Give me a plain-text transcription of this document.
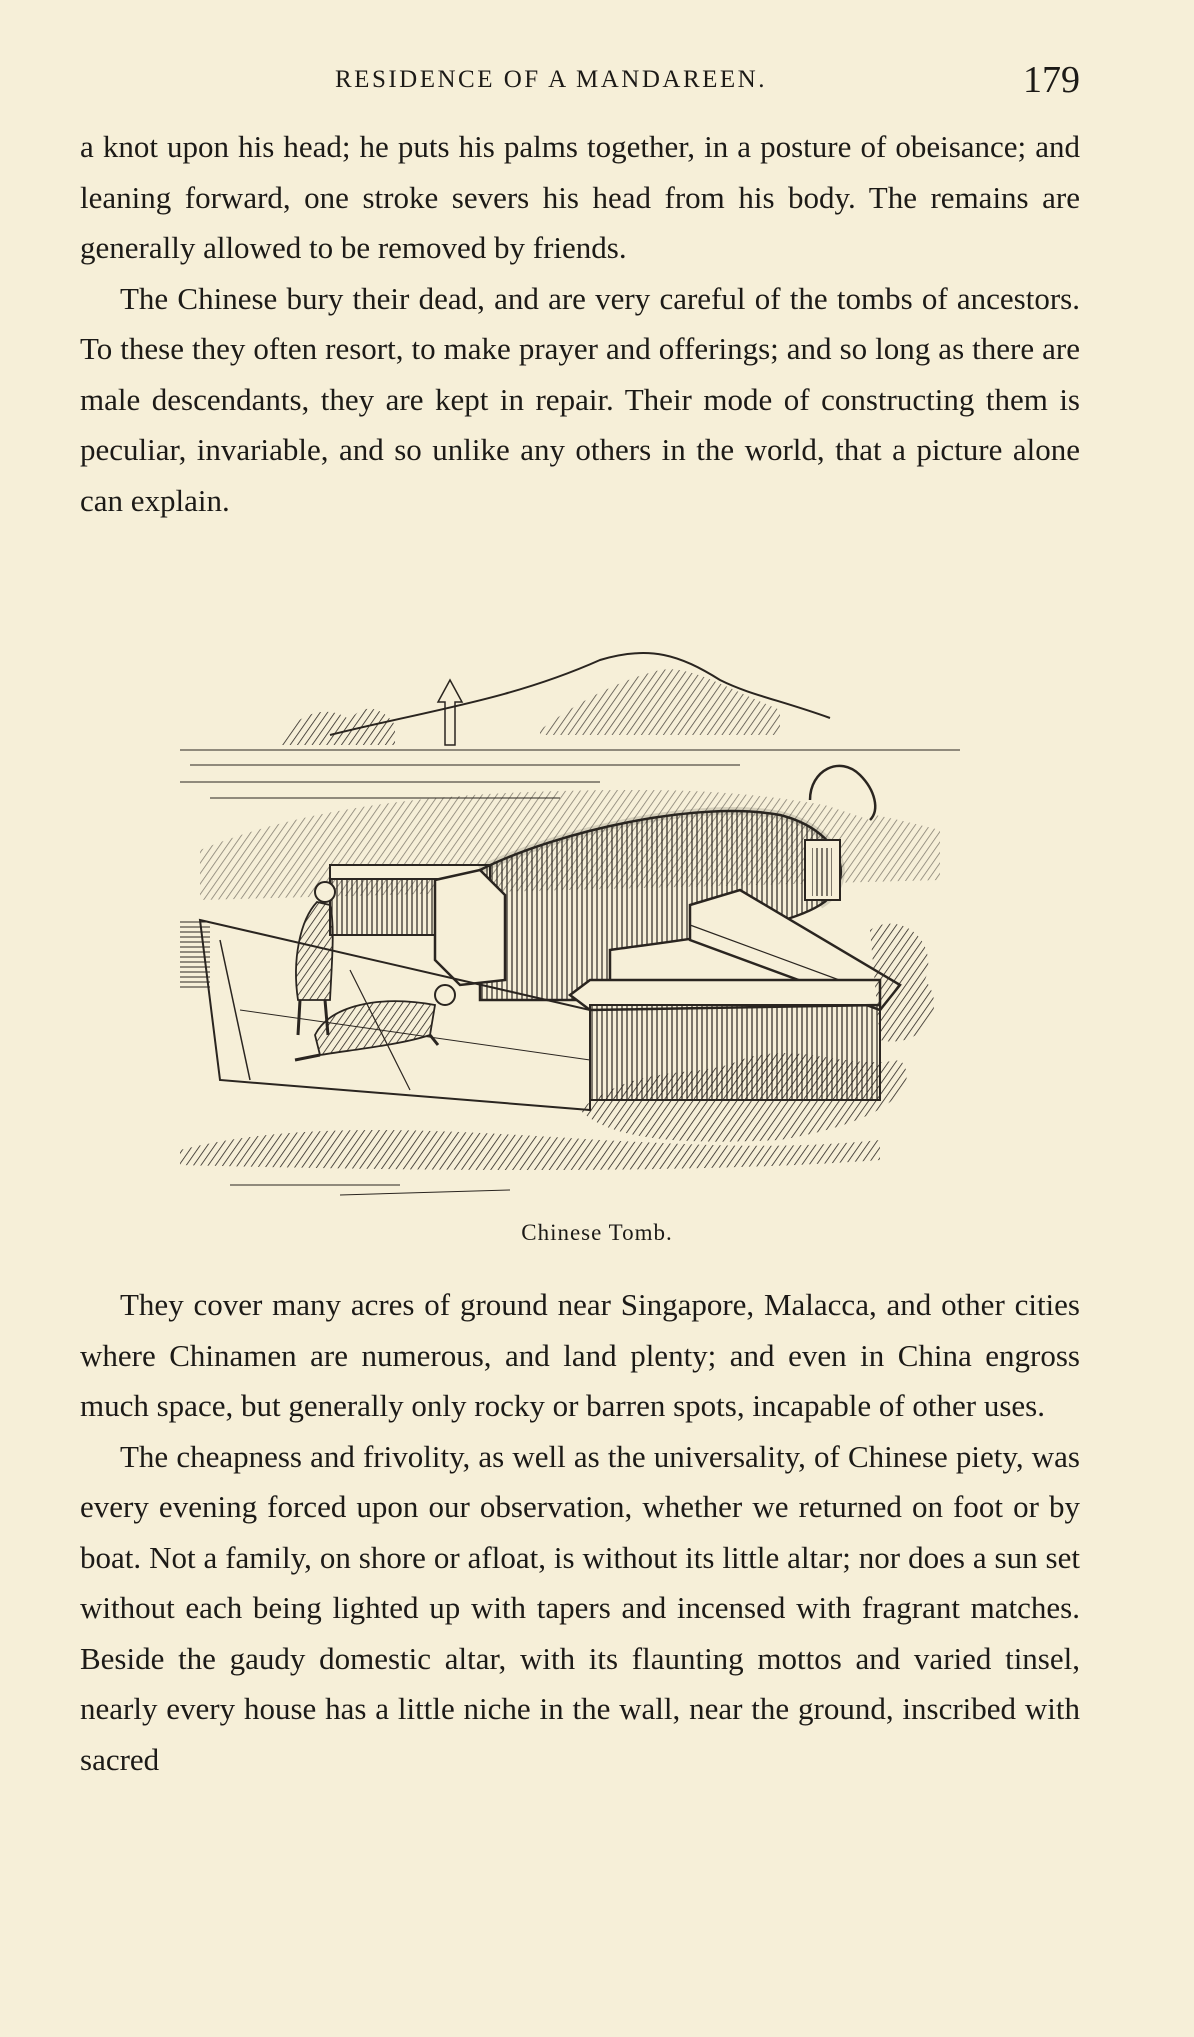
RESIDENCE OF A MANDAREEN.	179

a knot upon his head; he puts his palms together, in a posture of obeisance; and leaning forward, one stroke severs his head from his body. The remains are generally allowed to be removed by friends.

The Chinese bury their dead, and are very careful of the tombs of ancestors. To these they often resort, to make prayer and offerings; and so long as there are male descendants, they are kept in repair. Their mode of constructing them is peculiar, invariable, and so unlike any others in the world, that a picture alone can explain.

Chinese Tomb.

They cover many acres of ground near Singapore, Malacca, and other cities where Chinamen are numerous, and land plenty; and even in China engross much space, but generally only rocky or barren spots, incapable of other uses.

The cheapness and frivolity, as well as the universality, of Chinese piety, was every evening forced upon our observation, whether we returned on foot or by boat. Not a family, on shore or afloat, is without its little altar; nor does a sun set without each being lighted up with tapers and incensed with fragrant matches. Beside the gaudy domestic altar, with its flaunting mottos and varied tinsel, nearly every house has a little niche in the wall, near the ground, inscribed with sacred
